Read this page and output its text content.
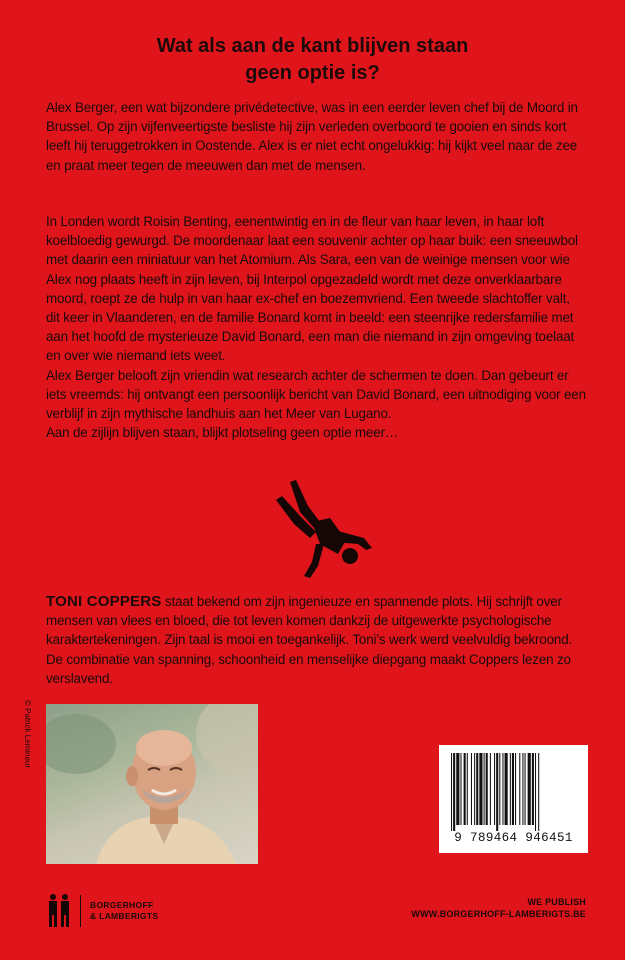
Wat als aan de kant blijven staan
geen optie is?
Alex Berger, een wat bijzondere privédetective, was in een eerder leven chef bij de Moord in Brussel. Op zijn vijfenveertigste besliste hij zijn verleden overboord te gooien en sinds kort leeft hij teruggetrokken in Oostende. Alex is er niet echt ongelukkig: hij kijkt veel naar de zee en praat meer tegen de meeuwen dan met de mensen.
In Londen wordt Roisin Benting, eenentwintig en in de fleur van haar leven, in haar loft koelbloedig gewurgd. De moordenaar laat een souvenir achter op haar buik: een sneeuwbol met daarin een miniatuur van het Atomium. Als Sara, een van de weinige mensen voor wie Alex nog plaats heeft in zijn leven, bij Interpol opgezadeld wordt met deze onverklaarbare moord, roept ze de hulp in van haar ex-chef en boezemvriend. Een tweede slachtoffer valt, dit keer in Vlaanderen, en de familie Bonard komt in beeld: een steenrijke redersfamilie met aan het hoofd de mysterieuze David Bonard, een man die niemand in zijn omgeving toelaat en over wie niemand iets weet.
Alex Berger belooft zijn vriendin wat research achter de schermen te doen. Dan gebeurt er iets vreemds: hij ontvangt een persoonlijk bericht van David Bonard, een uitnodiging voor een verblijf in zijn mythische landhuis aan het Meer van Lugano.
Aan de zijlijn blijven staan, blijkt plotseling geen optie meer…
TONI COPPERS staat bekend om zijn ingenieuze en spannende plots. Hij schrijft over mensen van vlees en bloed, die tot leven komen dankzij de uitgewerkte psychologische karaktertekeningen. Zijn taal is mooi en toegankelijk. Toni’s werk werd veelvuldig bekroond. De combinatie van spanning, schoonheid en menselijke diepgang maakt Coppers lezen zo verslavend.
© Patrick Lemineur
9 789464 946451
BORGERHOFF
& LAMBERIGTS
WE PUBLISH
WWW.BORGERHOFF-LAMBERIGTS.BE
